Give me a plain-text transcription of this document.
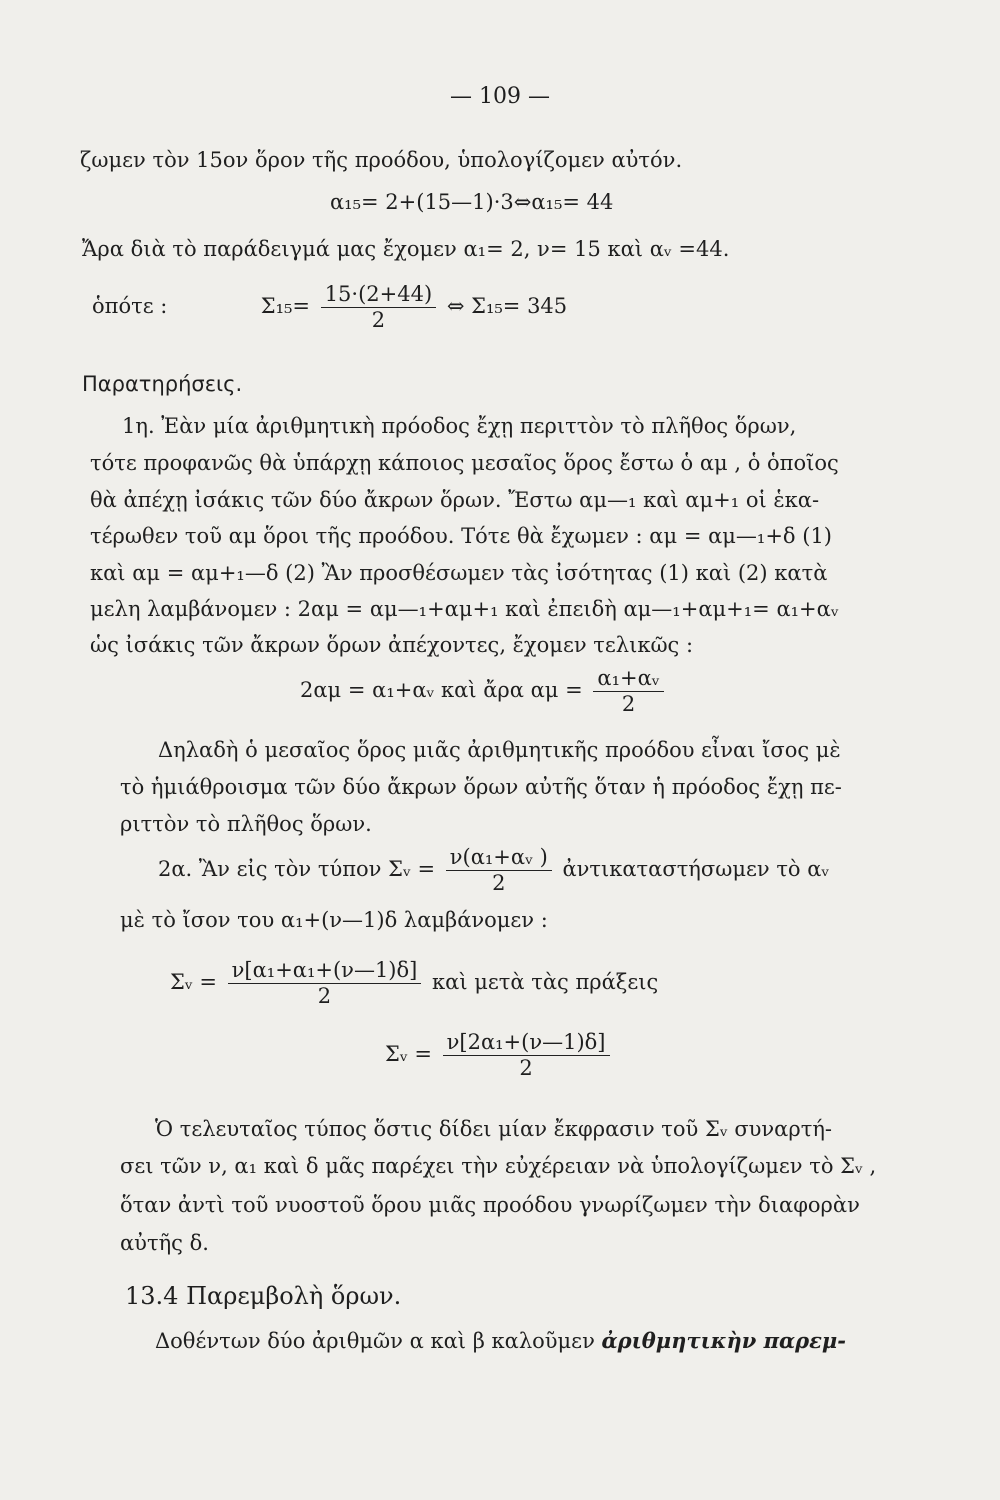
— 109 —
ζωμεν τὸν 15ον ὅρον τῆς προόδου, ὑπολογίζομεν αὐτόν.
α₁₅= 2+(15—1)·3⇔α₁₅= 44
Ἄρα διὰ τὸ παράδειγμά μας ἔχομεν α₁= 2, ν= 15 καὶ αᵥ =44.
ὁπότε :	$\Sigma_{15}= \frac{15\cdot(2+44)}{2}$ ⇔ Σ₁₅= 345
Παρατηρήσεις.
1η. Ἐὰν μία ἀριθμητικὴ πρόοδος ἔχῃ περιττὸν τὸ πλῆθος ὅρων,
τότε προφανῶς θὰ ὑπάρχῃ κάποιος μεσαῖος ὅρος ἔστω ὁ αμ , ὁ ὁποῖος
θὰ ἀπέχῃ ἰσάκις τῶν δύο ἄκρων ὅρων. Ἔστω αμ—₁ καὶ αμ+₁ οἱ ἑκα-
τέρωθεν τοῦ αμ ὅροι τῆς προόδου. Τότε θὰ ἔχωμεν : αμ = αμ—₁+δ (1)
καὶ αμ = αμ+₁—δ (2) Ἂν προσθέσωμεν τὰς ἰσότητας (1) καὶ (2) κατὰ
μελη λαμβάνομεν : 2αμ = αμ—₁+αμ+₁ καὶ ἐπειδὴ αμ—₁+αμ+₁= α₁+αᵥ
ὡς ἰσάκις τῶν ἄκρων ὅρων ἀπέχοντες, ἔχομεν τελικῶς :
2αμ = α₁+αᵥ καὶ ἄρα $\alpha\mu = \frac{\text{α₁+αᵥ}}{2}$
Δηλαδὴ ὁ μεσαῖος ὅρος μιᾶς ἀριθμητικῆς προόδου εἶναι ἴσος μὲ
τὸ ἡμιάθροισμα τῶν δύο ἄκρων ὅρων αὐτῆς ὅταν ἡ πρόοδος ἔχῃ πε-
ριττὸν τὸ πλῆθος ὅρων.
2α. Ἂν εἰς τὸν τύπον Σᵥ = $\frac{\text{ν(α₁+αᵥ )}}{2}$ ἀντικαταστήσωμεν τὸ αᵥ
μὲ τὸ ἴσον του α₁+(ν—1)δ λαμβάνομεν :
Σᵥ = $\frac{\text{ν[α₁+α₁+(ν—1)δ]}}{2}$ καὶ μετὰ τὰς πράξεις
Σᵥ = $\frac{\text{ν[2α₁+(ν—1)δ]}}{2}$
Ὁ τελευταῖος τύπος ὅστις δίδει μίαν ἔκφρασιν τοῦ Σᵥ συναρτή-
σει τῶν ν, α₁ καὶ δ μᾶς παρέχει τὴν εὐχέρειαν νὰ ὑπολογίζωμεν τὸ Σᵥ ,
ὅταν ἀντὶ τοῦ νυοστοῦ ὅρου μιᾶς προόδου γνωρίζωμεν τὴν διαφορὰν
αὐτῆς δ.
13.4 Παρεμβολὴ ὅρων.
Δοθέντων δύο ἀριθμῶν α καὶ β καλοῦμεν ἀριθμητικὴν παρεμ-
